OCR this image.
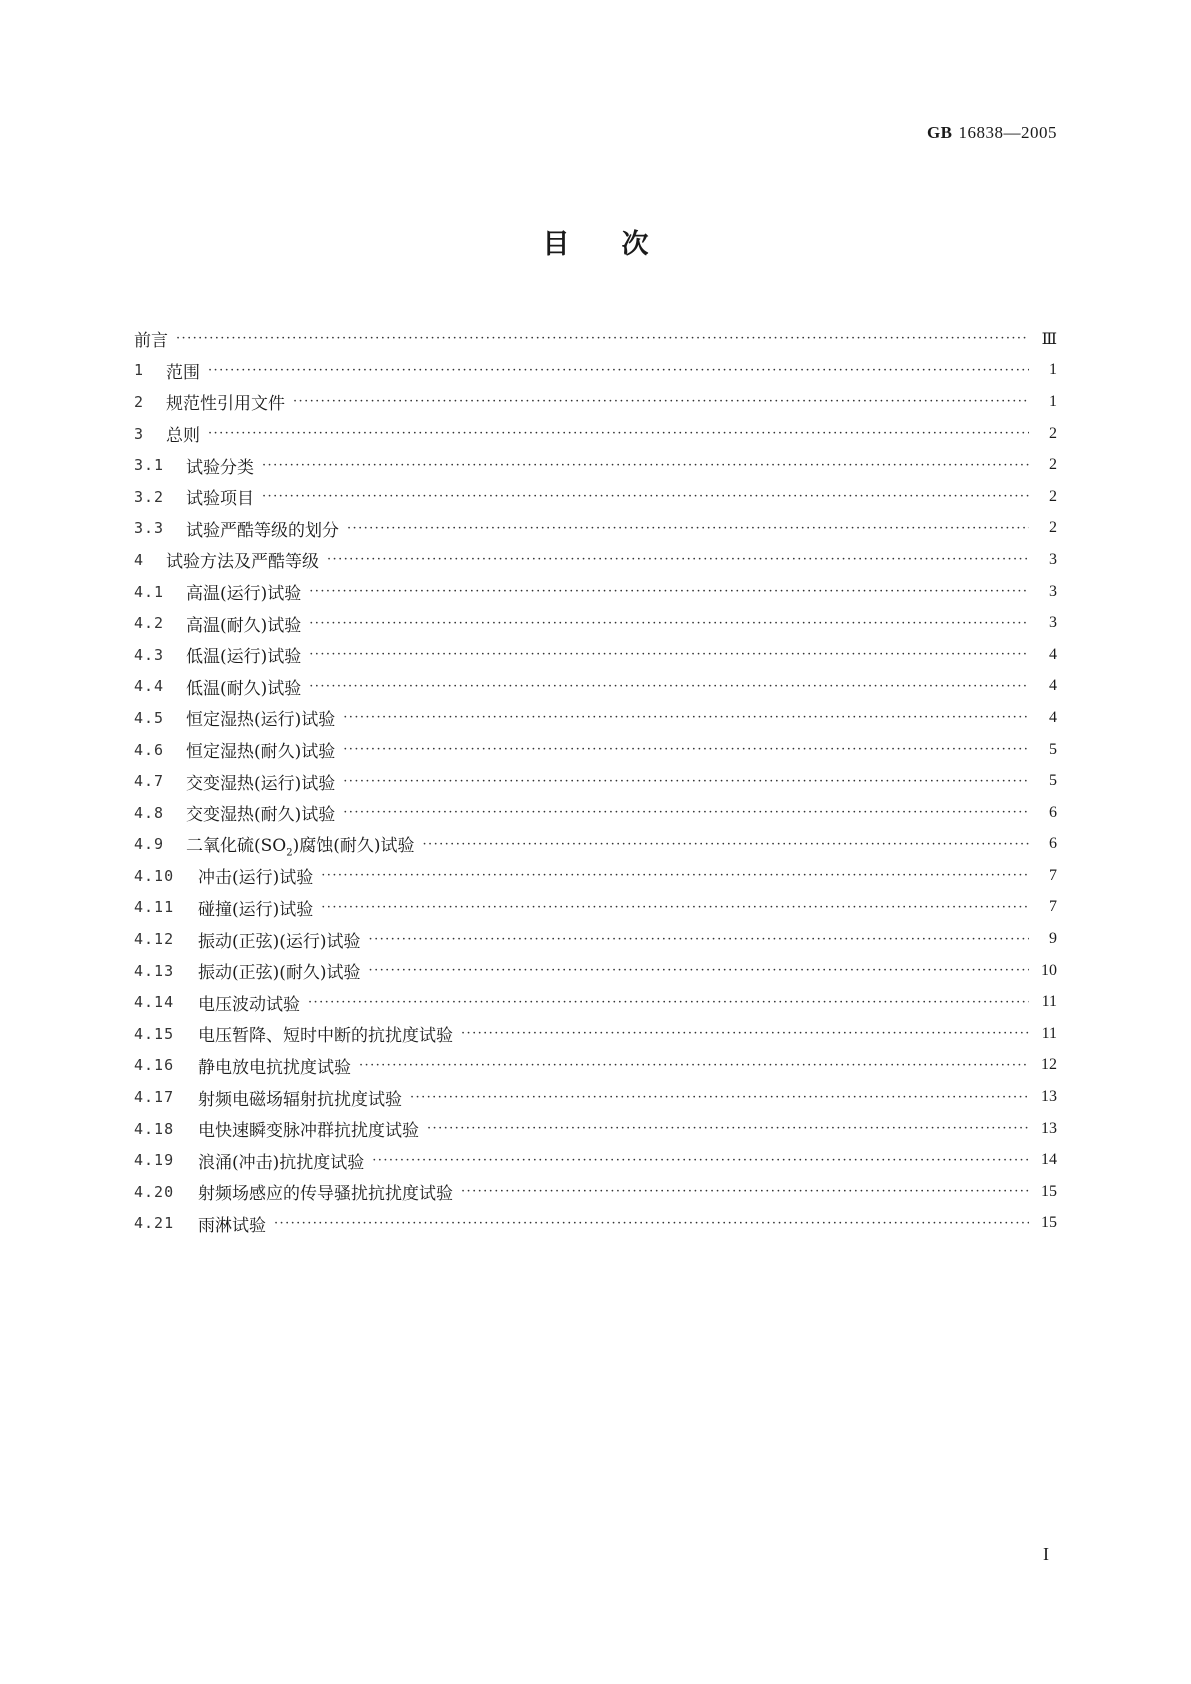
GB 16838—2005
目次
前言 ·····	Ⅲ
1	范围 ·····	1
2	规范性引用文件 ·····	1
3	总则 ·····	2
3.1	试验分类 ·····	2
3.2	试验项目 ·····	2
3.3	试验严酷等级的划分 ·····	2
4	试验方法及严酷等级 ·····	3
4.1	高温(运行)试验 ·····	3
4.2	高温(耐久)试验 ·····	3
4.3	低温(运行)试验 ·····	4
4.4	低温(耐久)试验 ·····	4
4.5	恒定湿热(运行)试验 ·····	4
4.6	恒定湿热(耐久)试验 ·····	5
4.7	交变湿热(运行)试验 ·····	5
4.8	交变湿热(耐久)试验 ·····	6
4.9	二氧化硫$(SO_2)$腐蚀(耐久)试验 ·····	6
4.10	冲击(运行)试验 ·····	7
4.11	碰撞(运行)试验 ·····	7
4.12	振动(正弦)(运行)试验 ·····	9
4.13	振动(正弦)(耐久)试验 ·····	10
4.14	电压波动试验 ·····	11
4.15	电压暂降、短时中断的抗扰度试验 ·····	11
4.16	静电放电抗扰度试验 ·····	12
4.17	射频电磁场辐射抗扰度试验 ·····	13
4.18	电快速瞬变脉冲群抗扰度试验 ·····	13
4.19	浪涌(冲击)抗扰度试验 ·····	14
4.20	射频场感应的传导骚扰抗扰度试验 ·····	15
4.21	雨淋试验 ·····	15
I
